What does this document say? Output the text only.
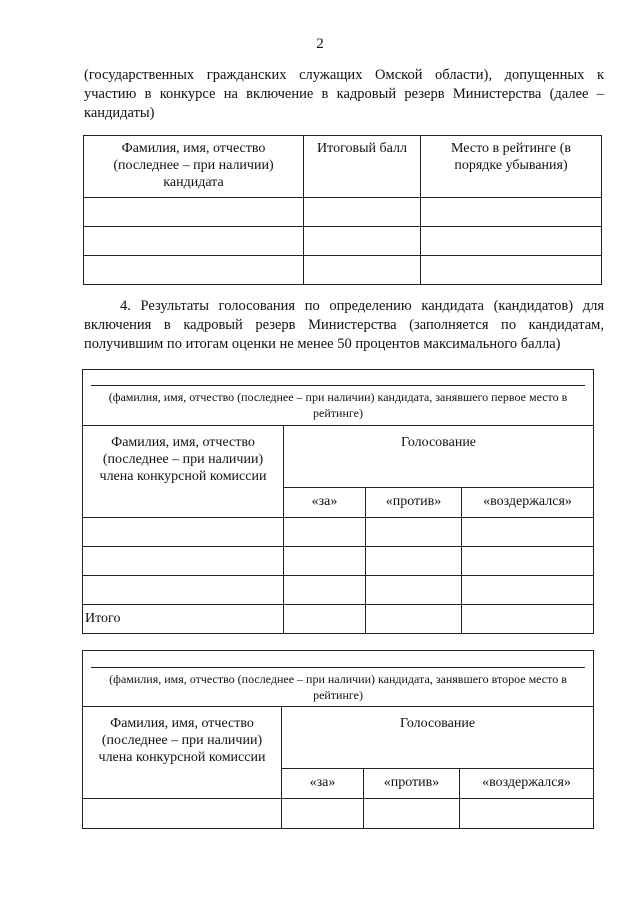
2
(государственных гражданских служащих Омской области), допущенных к
участию в конкурсе на включение в кадровый резерв Министерства (далее –
кандидаты)
Фамилия, имя, отчество (последнее – при наличии) кандидата	Итоговый балл	Место в рейтинге (в порядке убывания)

4. Результаты голосования по определению кандидата (кандидатов) для
включения в кадровый резерв Министерства (заполняется по кандидатам,
получившим по итогам оценки не менее 50 процентов максимального балла)
(фамилия, имя, отчество (последнее – при наличии) кандидата, занявшего первое место в рейтинге)			

Фамилия, имя, отчество (последнее – при наличии) члена конкурсной комиссии	Голосование		
	«за»	«против»	«воздержался»

Итого			
(фамилия, имя, отчество (последнее – при наличии) кандидата, занявшего второе место в рейтинге)			

Фамилия, имя, отчество (последнее – при наличии) члена конкурсной комиссии	Голосование		
	«за»	«против»	«воздержался»
